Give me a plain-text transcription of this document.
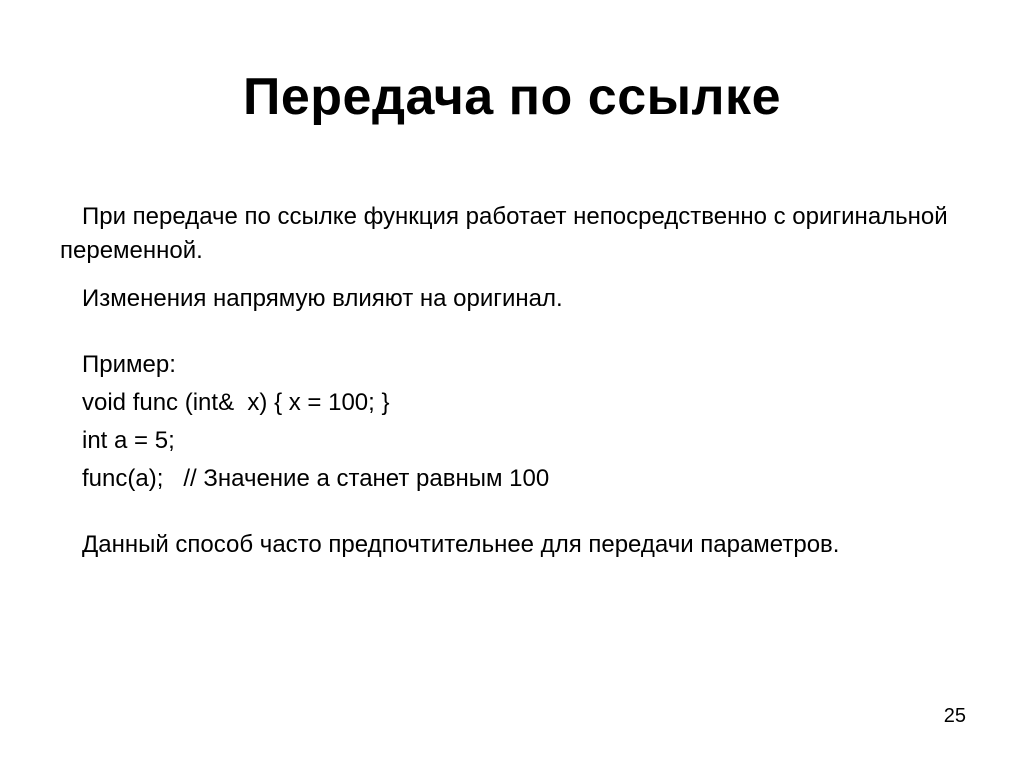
Передача по ссылке

При передаче по ссылке функция работает непосредственно с оригинальной переменной.

Изменения напрямую влияют на оригинал.

Пример:

void func (int&  x) { x = 100; }

int a = 5;

func(a);   // Значение a станет равным 100

Данный способ часто предпочтительнее для передачи параметров.

25
